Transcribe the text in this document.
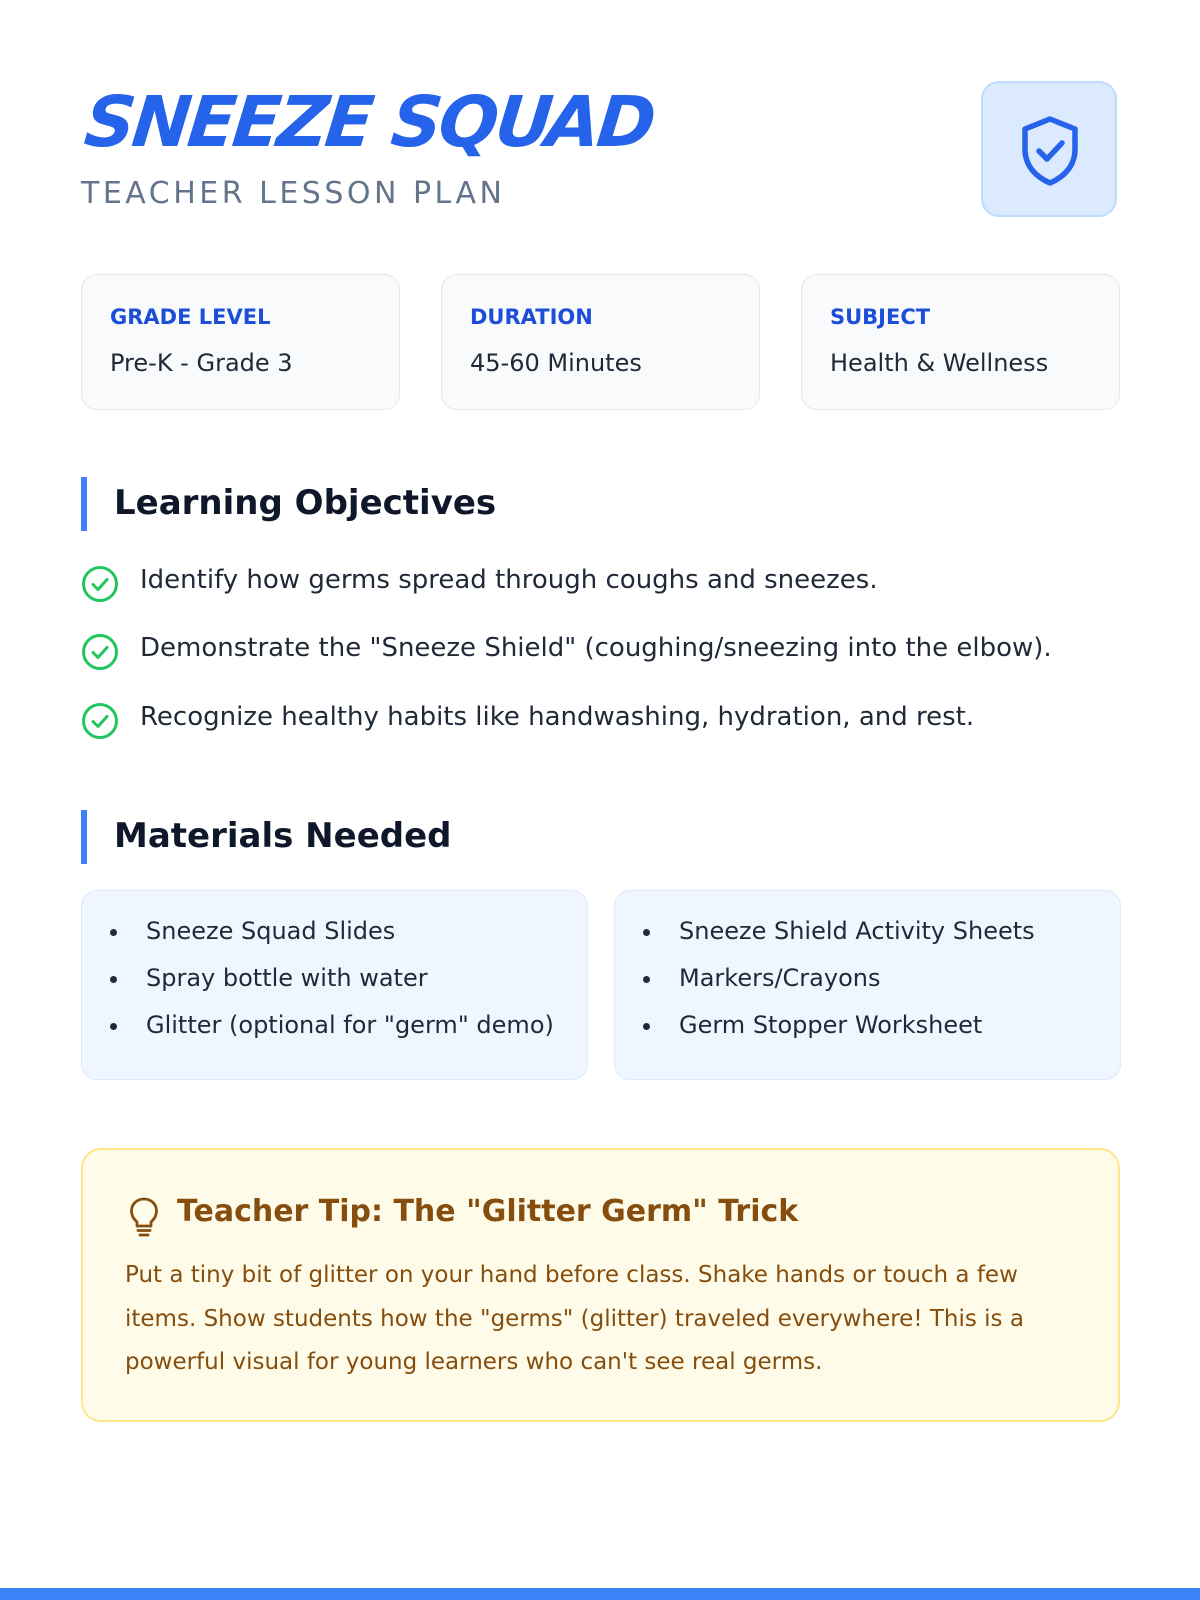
SNEEZE SQUAD

TEACHER LESSON PLAN

GRADE LEVEL
Pre-K - Grade 3
DURATION
45-60 Minutes
SUBJECT
Health & Wellness
Learning Objectives
Identify how germs spread through coughs and sneezes.
Demonstrate the "Sneeze Shield" (coughing/sneezing into the elbow).
Recognize healthy habits like handwashing, hydration, and rest.
Materials Needed
Sneeze Squad Slides
Spray bottle with water
Glitter (optional for "germ" demo)
Sneeze Shield Activity Sheets
Markers/Crayons
Germ Stopper Worksheet
Teacher Tip: The "Glitter Germ" Trick

Put a tiny bit of glitter on your hand before class. Shake hands or touch a few items. Show students how the "germs" (glitter) traveled everywhere! This is a powerful visual for young learners who can't see real germs.
